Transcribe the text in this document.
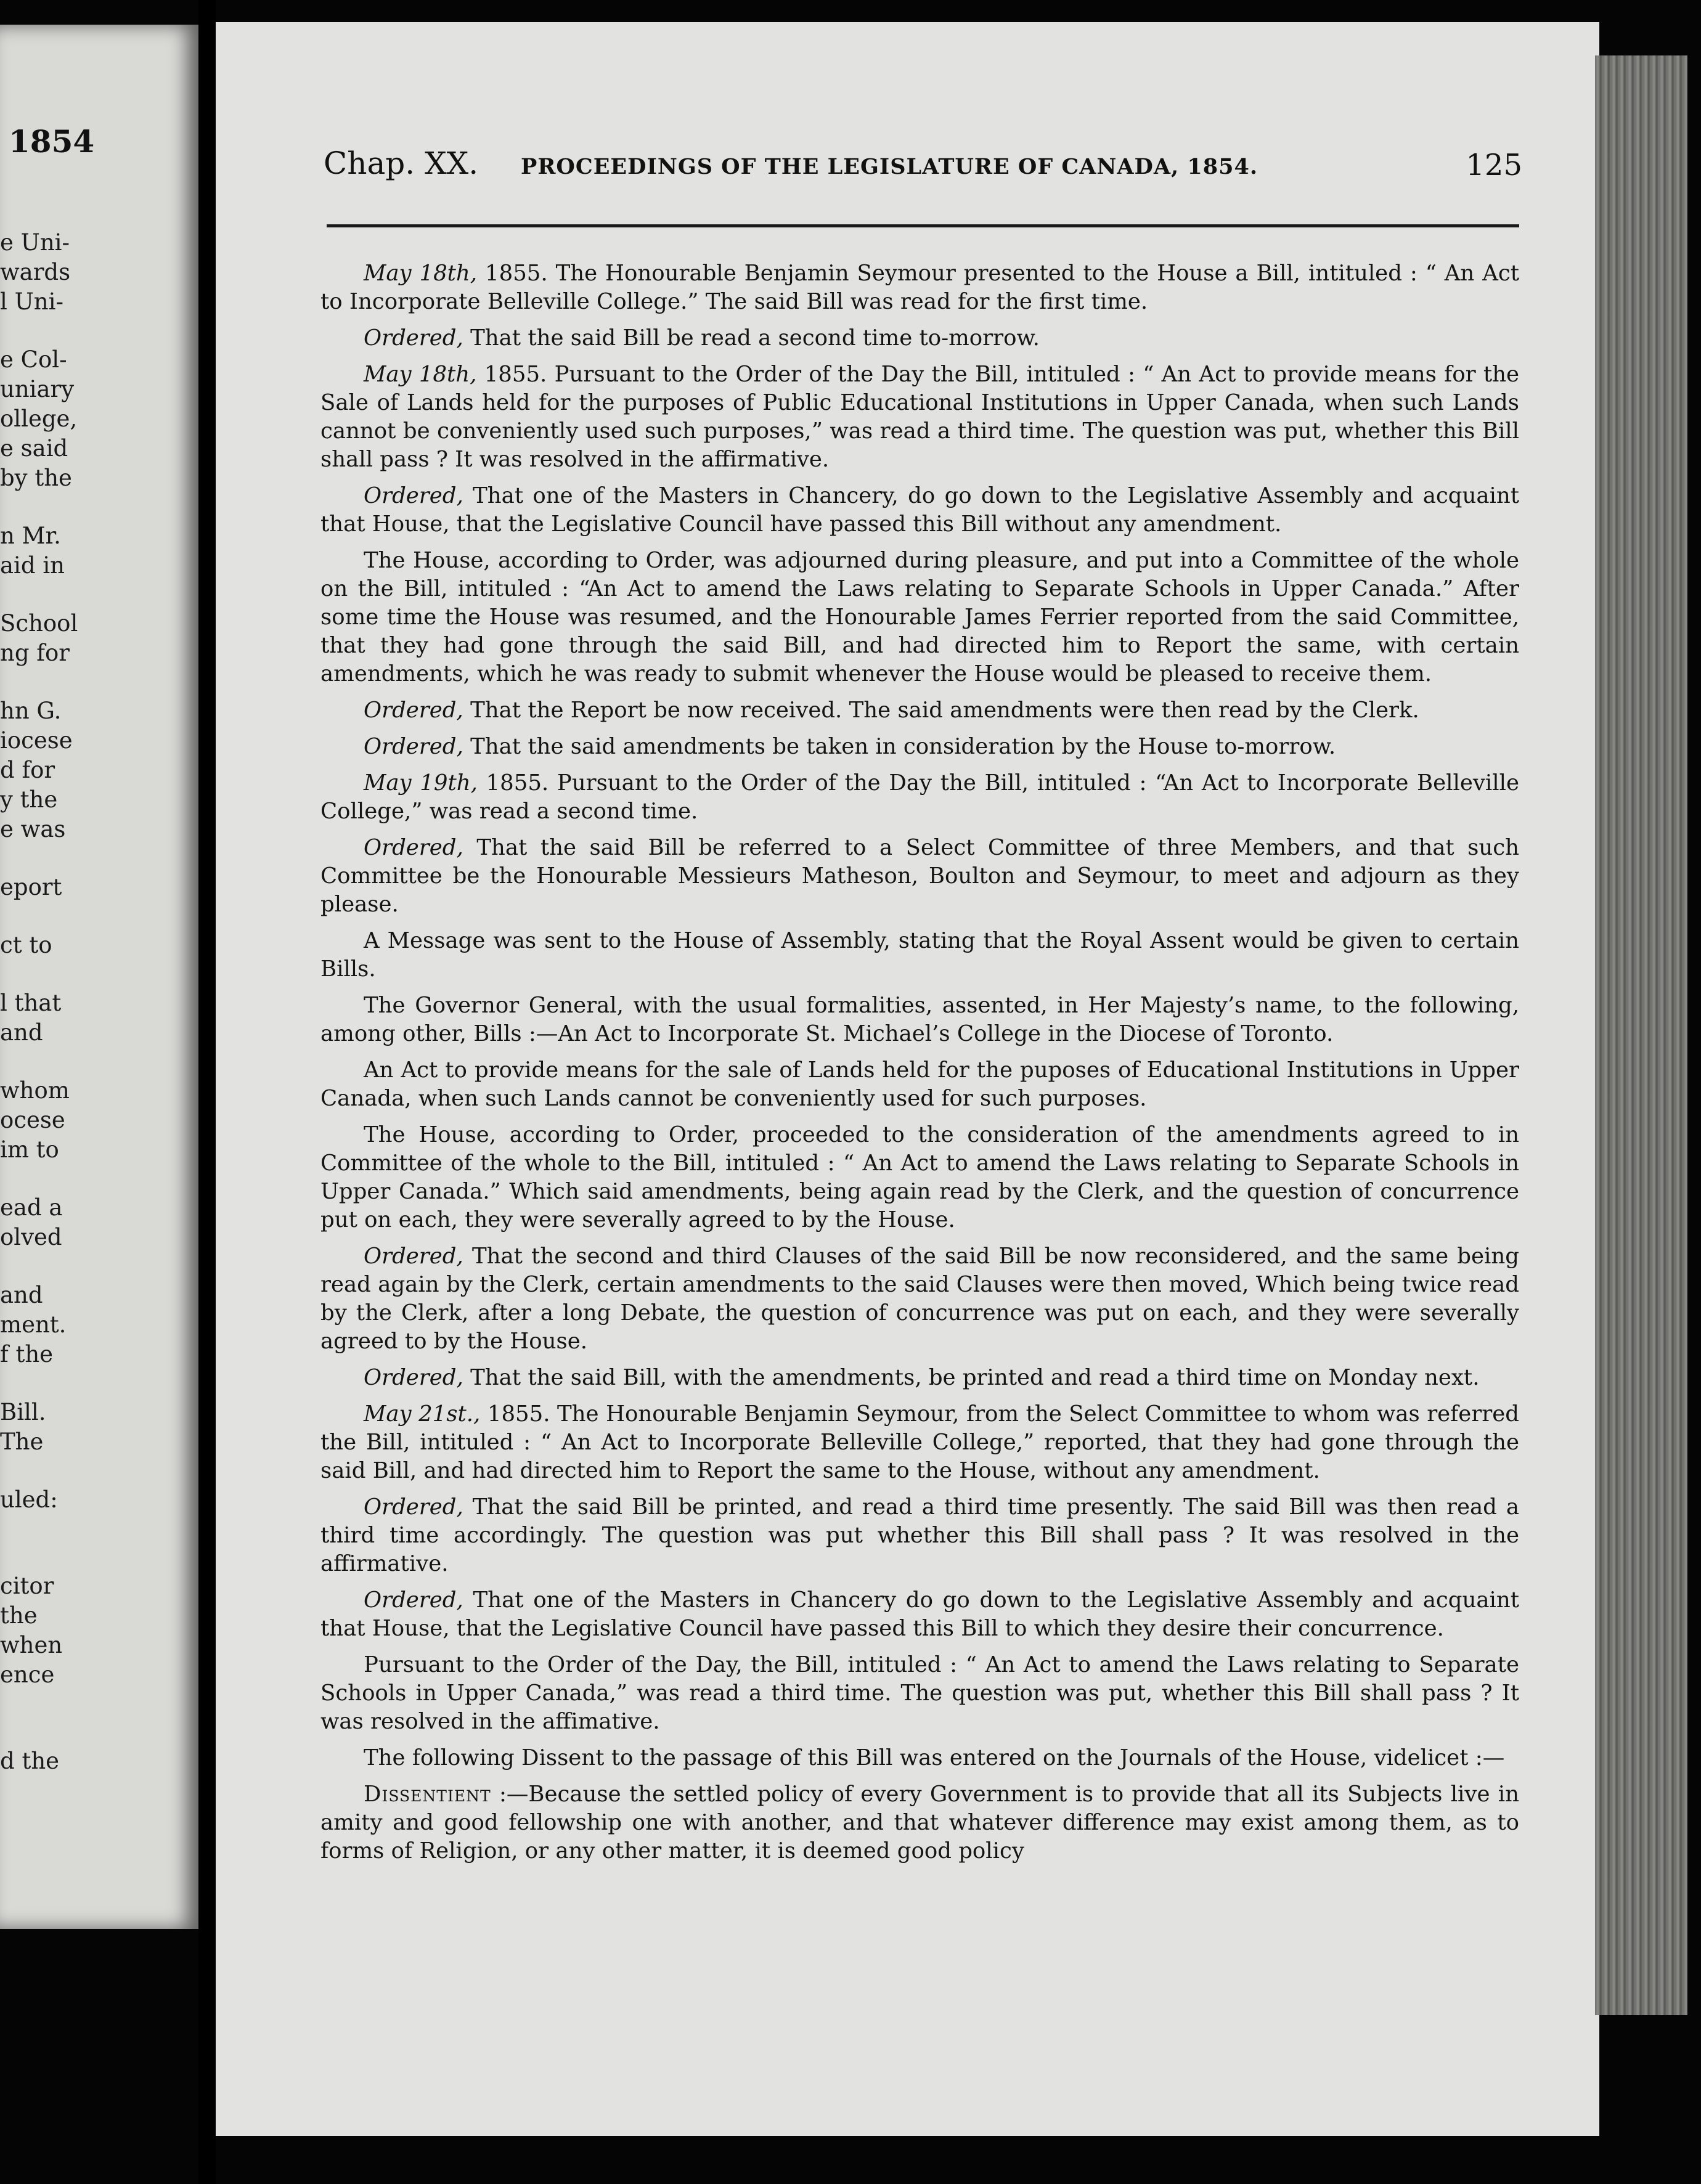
1854
e Uni-
wards
l Uni-
e Col-
uniary
ollege,
e said
by the
n Mr.
aid in
School
ng for
hn G.
iocese
d for
y the
e was
eport
ct to
l that
and
whom
ocese
im to
ead a
olved
and
ment.
f the
Bill.
The
uled:
citor
the
when
ence
d the
Chap. XX. PROCEEDINGS OF THE LEGISLATURE OF CANADA, 1854.	125

May 18th, 1855. The Honourable Benjamin Seymour presented to the House a Bill, intituled : “ An Act to Incorporate Belleville College.” The said Bill was read for the first time.

Ordered, That the said Bill be read a second time to-morrow.

May 18th, 1855. Pursuant to the Order of the Day the Bill, intituled : “ An Act to provide means for the Sale of Lands held for the purposes of Public Educational Institutions in Upper Canada, when such Lands cannot be conveniently used such purposes,” was read a third time. The question was put, whether this Bill shall pass ? It was resolved in the affirmative.

Ordered, That one of the Masters in Chancery, do go down to the Legislative Assembly and acquaint that House, that the Legislative Council have passed this Bill without any amendment.

The House, according to Order, was adjourned during pleasure, and put into a Committee of the whole on the Bill, intituled : “An Act to amend the Laws relating to Separate Schools in Upper Canada.” After some time the House was resumed, and the Honourable James Ferrier reported from the said Committee, that they had gone through the said Bill, and had directed him to Report the same, with certain amendments, which he was ready to submit whenever the House would be pleased to receive them.

Ordered, That the Report be now received. The said amendments were then read by the Clerk.

Ordered, That the said amendments be taken in consideration by the House to-morrow.

May 19th, 1855. Pursuant to the Order of the Day the Bill, intituled : “An Act to Incorporate Belleville College,” was read a second time.

Ordered, That the said Bill be referred to a Select Committee of three Members, and that such Committee be the Honourable Messieurs Matheson, Boulton and Seymour, to meet and adjourn as they please.

A Message was sent to the House of Assembly, stating that the Royal Assent would be given to certain Bills.

The Governor General, with the usual formalities, assented, in Her Majesty’s name, to the following, among other, Bills :—An Act to Incorporate St. Michael’s College in the Diocese of Toronto.

An Act to provide means for the sale of Lands held for the puposes of Educational Institutions in Upper Canada, when such Lands cannot be conveniently used for such purposes.

The House, according to Order, proceeded to the consideration of the amendments agreed to in Committee of the whole to the Bill, intituled : “ An Act to amend the Laws relating to Separate Schools in Upper Canada.” Which said amendments, being again read by the Clerk, and the question of concurrence put on each, they were severally agreed to by the House.

Ordered, That the second and third Clauses of the said Bill be now reconsidered, and the same being read again by the Clerk, certain amendments to the said Clauses were then moved, Which being twice read by the Clerk, after a long Debate, the question of concurrence was put on each, and they were severally agreed to by the House.

Ordered, That the said Bill, with the amendments, be printed and read a third time on Monday next.

May 21st., 1855. The Honourable Benjamin Seymour, from the Select Committee to whom was referred the Bill, intituled : “ An Act to Incorporate Belleville College,” reported, that they had gone through the said Bill, and had directed him to Report the same to the House, without any amendment.

Ordered, That the said Bill be printed, and read a third time presently. The said Bill was then read a third time accordingly. The question was put whether this Bill shall pass ? It was resolved in the affirmative.

Ordered, That one of the Masters in Chancery do go down to the Legislative Assembly and acquaint that House, that the Legislative Council have passed this Bill to which they desire their concurrence.

Pursuant to the Order of the Day, the Bill, intituled : “ An Act to amend the Laws relating to Separate Schools in Upper Canada,” was read a third time. The question was put, whether this Bill shall pass ? It was resolved in the affimative.

The following Dissent to the passage of this Bill was entered on the Journals of the House, videlicet :—

Dissentient :—Because the settled policy of every Government is to provide that all its Subjects live in amity and good fellowship one with another, and that whatever difference may exist among them, as to forms of Religion, or any other matter, it is deemed good policy
